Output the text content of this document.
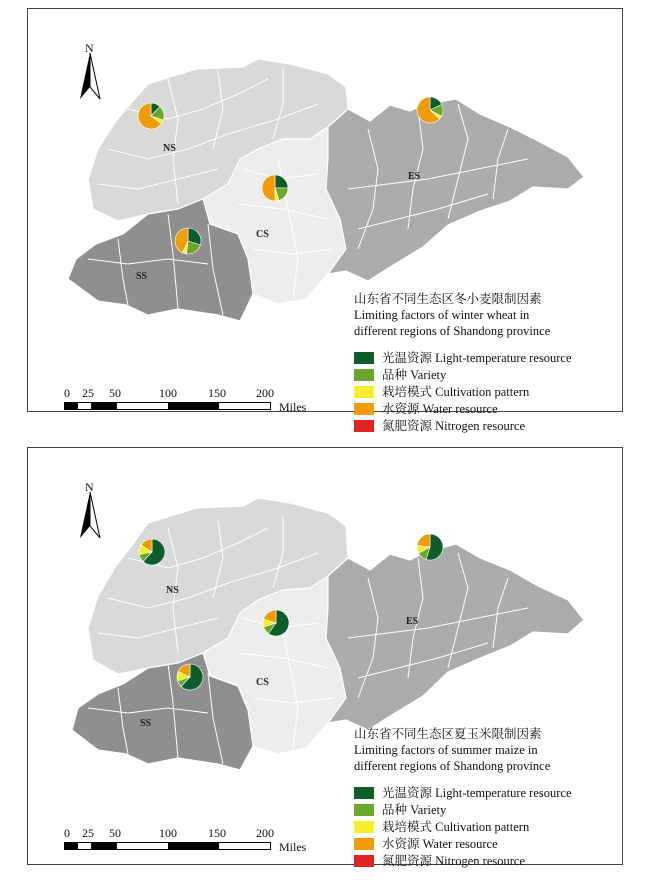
NS
ES
CS
SS
N
山东省不同生态区冬小麦限制因素
Limiting factors of winter wheat in
different regions of Shandong province
光温资源 Light-temperature resource
品种 Variety
栽培模式 Cultivation pattern
水资源 Water resource
氮肥资源 Nitrogen resource
0 25 50	100	150	200
Miles
NS
ES
CS
SS
N
山东省不同生态区夏玉米限制因素
Limiting factors of summer maize in
different regions of Shandong province
光温资源 Light-temperature resource
品种 Variety
栽培模式 Cultivation pattern
水资源 Water resource
氮肥资源 Nitrogen resource
0 25 50	100	150	200
Miles
